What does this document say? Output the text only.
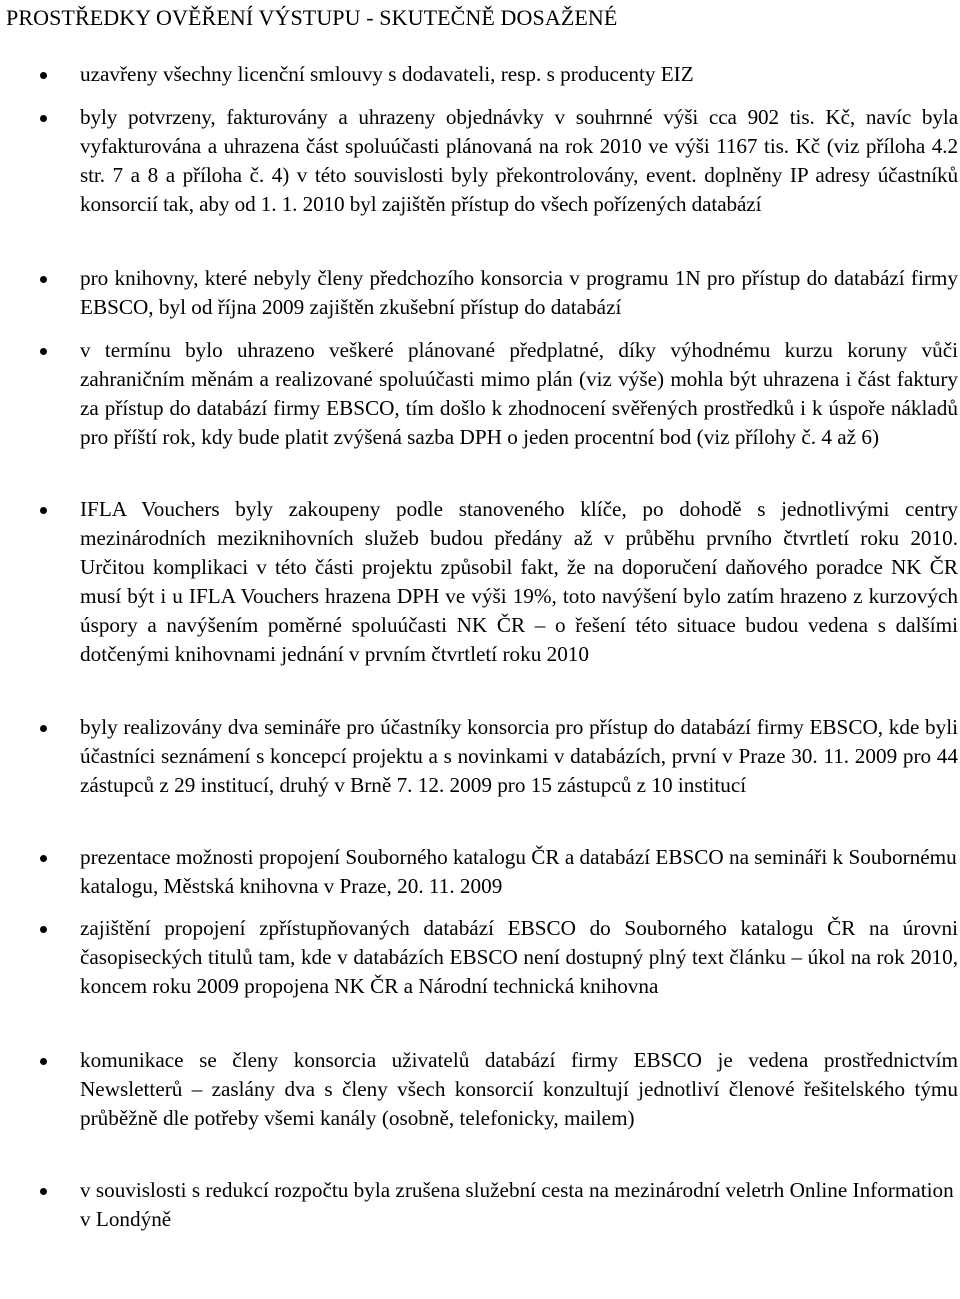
PROSTŘEDKY OVĚŘENÍ VÝSTUPU - SKUTEČNĚ DOSAŽENÉ
uzavřeny všechny licenční smlouvy s dodavateli, resp. s producenty EIZ
byly potvrzeny, fakturovány a uhrazeny objednávky v souhrnné výši cca 902 tis. Kč, navíc byla vyfakturována a uhrazena část spoluúčasti plánovaná na rok 2010 ve výši 1167 tis. Kč (viz příloha 4.2 str. 7 a 8 a příloha č. 4) v této souvislosti byly překontrolovány, event. doplněny IP adresy účastníků konsorcií tak, aby od 1. 1. 2010 byl zajištěn přístup do všech pořízených databází
pro knihovny, které nebyly členy předchozího konsorcia v programu 1N pro přístup do databází firmy EBSCO, byl od října 2009 zajištěn zkušební přístup do databází
v termínu bylo uhrazeno veškeré plánované předplatné, díky výhodnému kurzu koruny vůči zahraničním měnám a realizované spoluúčasti mimo plán (viz výše) mohla být uhrazena i část faktury za přístup do databází firmy EBSCO, tím došlo k zhodnocení svěřených prostředků i k úspoře nákladů pro příští rok, kdy bude platit zvýšená sazba DPH o jeden procentní bod (viz přílohy č. 4 až 6)
IFLA Vouchers byly zakoupeny podle stanoveného klíče, po dohodě s jednotlivými centry mezinárodních meziknihovních služeb budou předány až v průběhu prvního čtvrtletí roku 2010. Určitou komplikaci v této části projektu způsobil fakt, že na doporučení daňového poradce NK ČR musí být i u IFLA Vouchers hrazena DPH ve výši 19%, toto navýšení bylo zatím hrazeno z kurzových úspory a navýšením poměrné spoluúčasti NK ČR – o řešení této situace budou vedena s dalšími dotčenými knihovnami jednání v prvním čtvrtletí roku 2010
byly realizovány dva semináře pro účastníky konsorcia pro přístup do databází firmy EBSCO, kde byli účastníci seznámení s koncepcí projektu a s novinkami v databázích, první v Praze 30. 11. 2009 pro 44 zástupců z 29 institucí, druhý v Brně 7. 12. 2009 pro 15 zástupců z 10 institucí
prezentace možnosti propojení Souborného katalogu ČR a databází EBSCO na semináři k Soubornému katalogu, Městská knihovna v Praze, 20. 11. 2009
zajištění propojení zpřístupňovaných databází EBSCO do Souborného katalogu ČR na úrovni časopiseckých titulů tam, kde v databázích EBSCO není dostupný plný text článku – úkol na rok 2010, koncem roku 2009 propojena NK ČR a Národní technická knihovna
komunikace se členy konsorcia uživatelů databází firmy EBSCO je vedena prostřednictvím Newsletterů – zaslány dva s členy všech konsorcií konzultují jednotliví členové řešitelského týmu průběžně dle potřeby všemi kanály (osobně, telefonicky, mailem)
v souvislosti s redukcí rozpočtu byla zrušena služební cesta na mezinárodní veletrh Online Information v Londýně
